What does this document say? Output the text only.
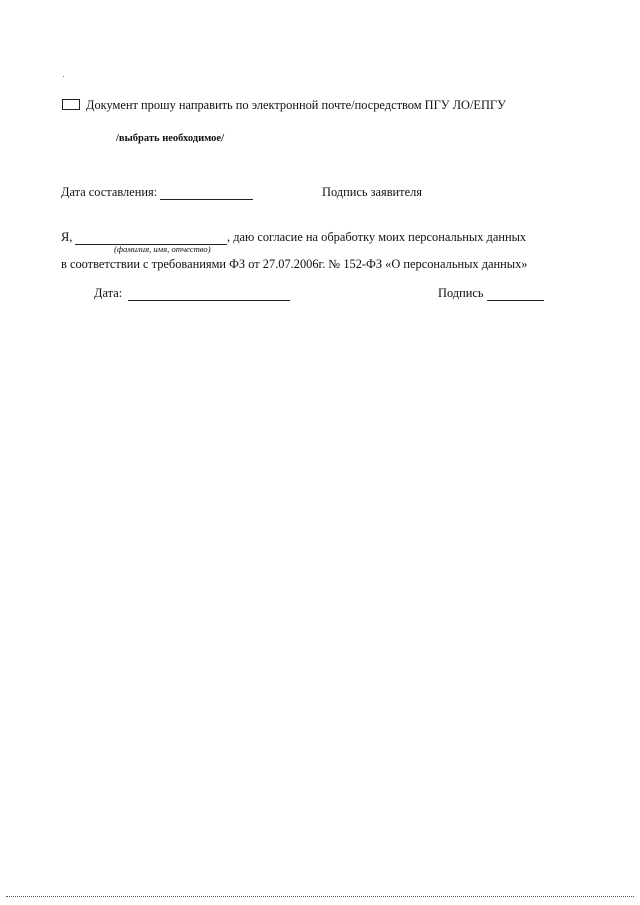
Документ прошу направить по электронной почте/посредством ПГУ ЛО/ЕПГУ
/выбрать необходимое/
Дата составления:	Подпись заявителя
Я,	, даю согласие на обработку моих персональных данных
(фамилия, имя, отчество)
в соответствии с требованиями ФЗ от 27.07.2006г. № 152-ФЗ «О персональных данных»
Дата:	Подпись
